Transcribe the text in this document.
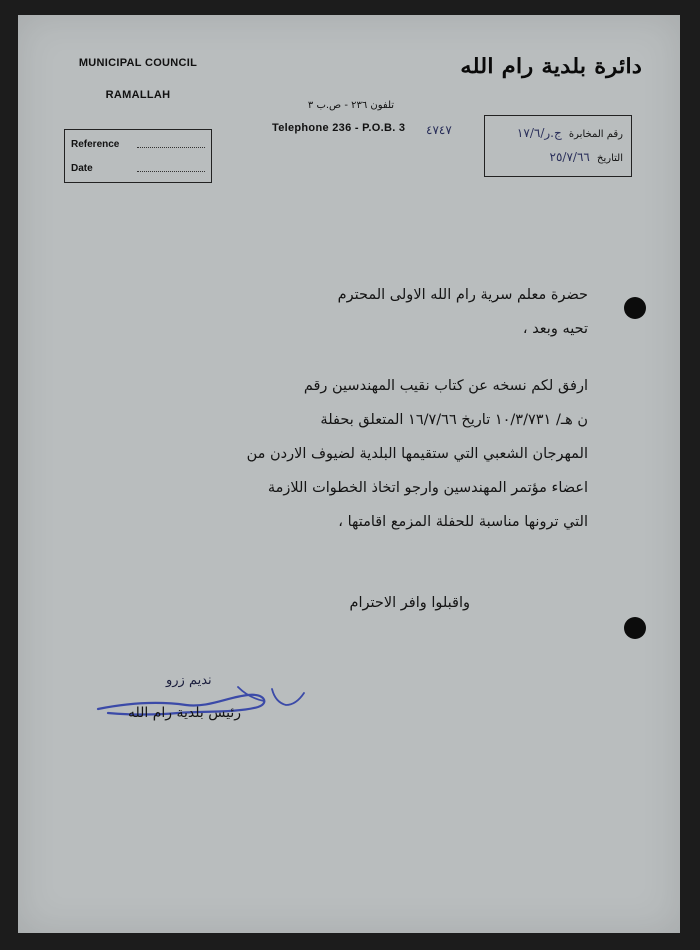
MUNICIPAL COUNCIL
RAMALLAH
دائرة بلدية رام الله
Reference
Date
تلفون ٢٣٦ - ص.ب ٣
Telephone 236 - P.O.B. 3 ٤٧٤٧	رقم المخابرة ج.ر/١٧/٦
التاريخ ٢٥/٧/٦٦
حضرة معلم سرية رام الله الاولى المحترم
تحيه وبعد ،
ارفق لكم نسخه عن كتاب نقيب المهندسين رقم
ن هـ/ ١٠/٣/٧٣١ تاريخ ١٦/٧/٦٦ المتعلق بحفلة
المهرجان الشعبي التي ستقيمها البلدية لضيوف الاردن من
اعضاء مؤتمر المهندسين وارجو اتخاذ الخطوات اللازمة
التي ترونها مناسبة للحفلة المزمع اقامتها ،
واقبلوا وافر الاحترام
نديم زرو
رئيس بلدية رام الله
